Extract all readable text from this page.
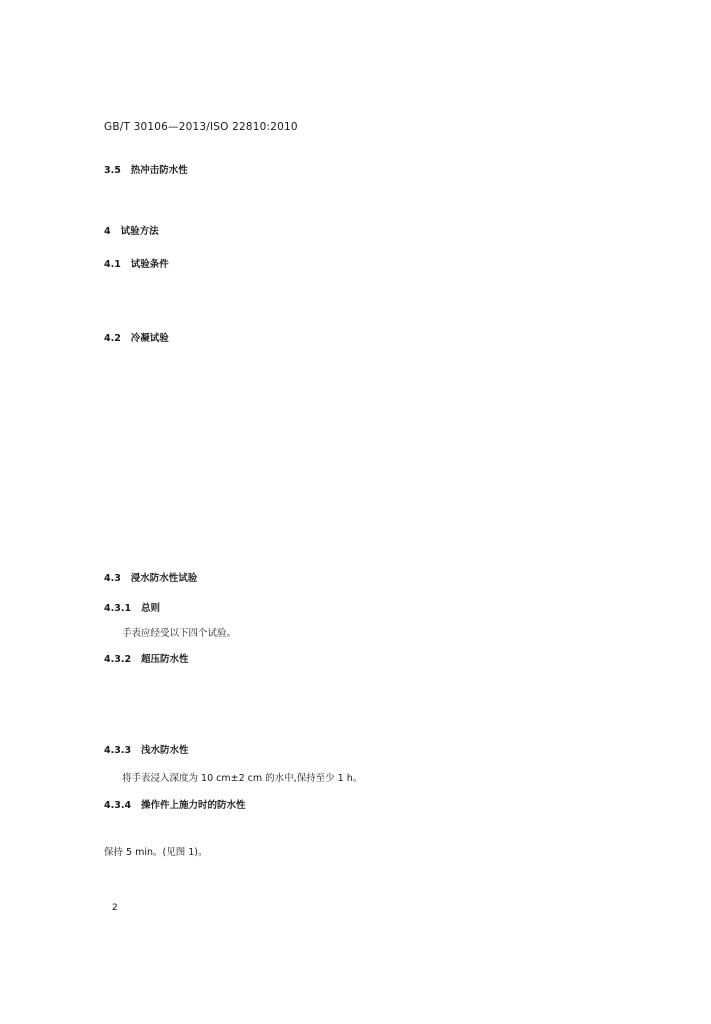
GB/T 30106—2013/ISO 22810:2010
3.5 热冲击防水性
4 试验方法
4.1 试验条件
4.2 冷凝试验
4.3 浸水防水性试验
4.3.1 总则
手表应经受以下四个试验。
4.3.2 超压防水性
4.3.3 浅水防水性
将手表浸入深度为 10 cm±2 cm 的水中,保持至少 1 h。
4.3.4 操作件上施力时的防水性
保持 5 min。(见图 1)。
2
